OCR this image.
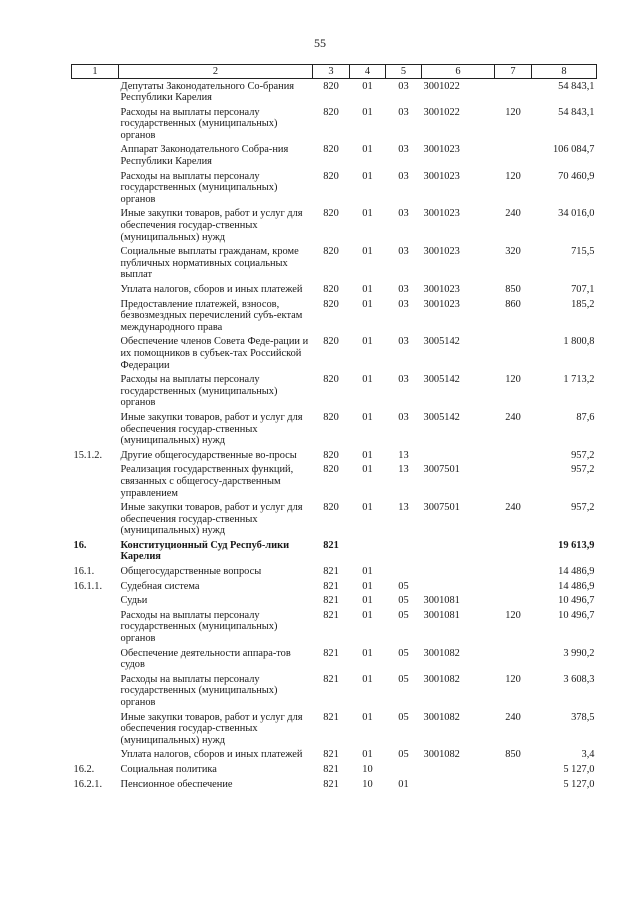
55
1	2	3	4	5	6	7	8
	Депутаты Законодательного Со-брания Республики Карелия	820	01	03	3001022		54 843,1
	Расходы на выплаты персоналу государственных (муниципальных) органов	820	01	03	3001022	120	54 843,1
	Аппарат Законодательного Собра-ния Республики Карелия	820	01	03	3001023		106 084,7
	Расходы на выплаты персоналу государственных (муниципальных) органов	820	01	03	3001023	120	70 460,9
	Иные закупки товаров, работ и услуг для обеспечения государ-ственных (муниципальных) нужд	820	01	03	3001023	240	34 016,0
	Социальные выплаты гражданам, кроме публичных нормативных социальных выплат	820	01	03	3001023	320	715,5
	Уплата налогов, сборов и иных платежей	820	01	03	3001023	850	707,1
	Предоставление платежей, взносов, безвозмездных перечислений субъ-ектам международного права	820	01	03	3001023	860	185,2
	Обеспечение членов Совета Феде-рации и их помощников в субъек-тах Российской Федерации	820	01	03	3005142		1 800,8
	Расходы на выплаты персоналу государственных (муниципальных) органов	820	01	03	3005142	120	1 713,2
	Иные закупки товаров, работ и услуг для обеспечения государ-ственных (муниципальных) нужд	820	01	03	3005142	240	87,6
15.1.2.	Другие общегосударственные во-просы	820	01	13			957,2
	Реализация государственных функций, связанных с общегосу-дарственным управлением	820	01	13	3007501		957,2
	Иные закупки товаров, работ и услуг для обеспечения государ-ственных (муниципальных) нужд	820	01	13	3007501	240	957,2
16.	Конституционный Суд Респуб-лики Карелия	821					19 613,9
16.1.	Общегосударственные вопросы	821	01				14 486,9
16.1.1.	Судебная система	821	01	05			14 486,9
	Судьи	821	01	05	3001081		10 496,7
	Расходы на выплаты персоналу государственных (муниципальных) органов	821	01	05	3001081	120	10 496,7
	Обеспечение деятельности аппара-тов судов	821	01	05	3001082		3 990,2
	Расходы на выплаты персоналу государственных (муниципальных) органов	821	01	05	3001082	120	3 608,3
	Иные закупки товаров, работ и услуг для обеспечения государ-ственных (муниципальных) нужд	821	01	05	3001082	240	378,5
	Уплата налогов, сборов и иных платежей	821	01	05	3001082	850	3,4
16.2.	Социальная политика	821	10				5 127,0
16.2.1.	Пенсионное обеспечение	821	10	01			5 127,0
